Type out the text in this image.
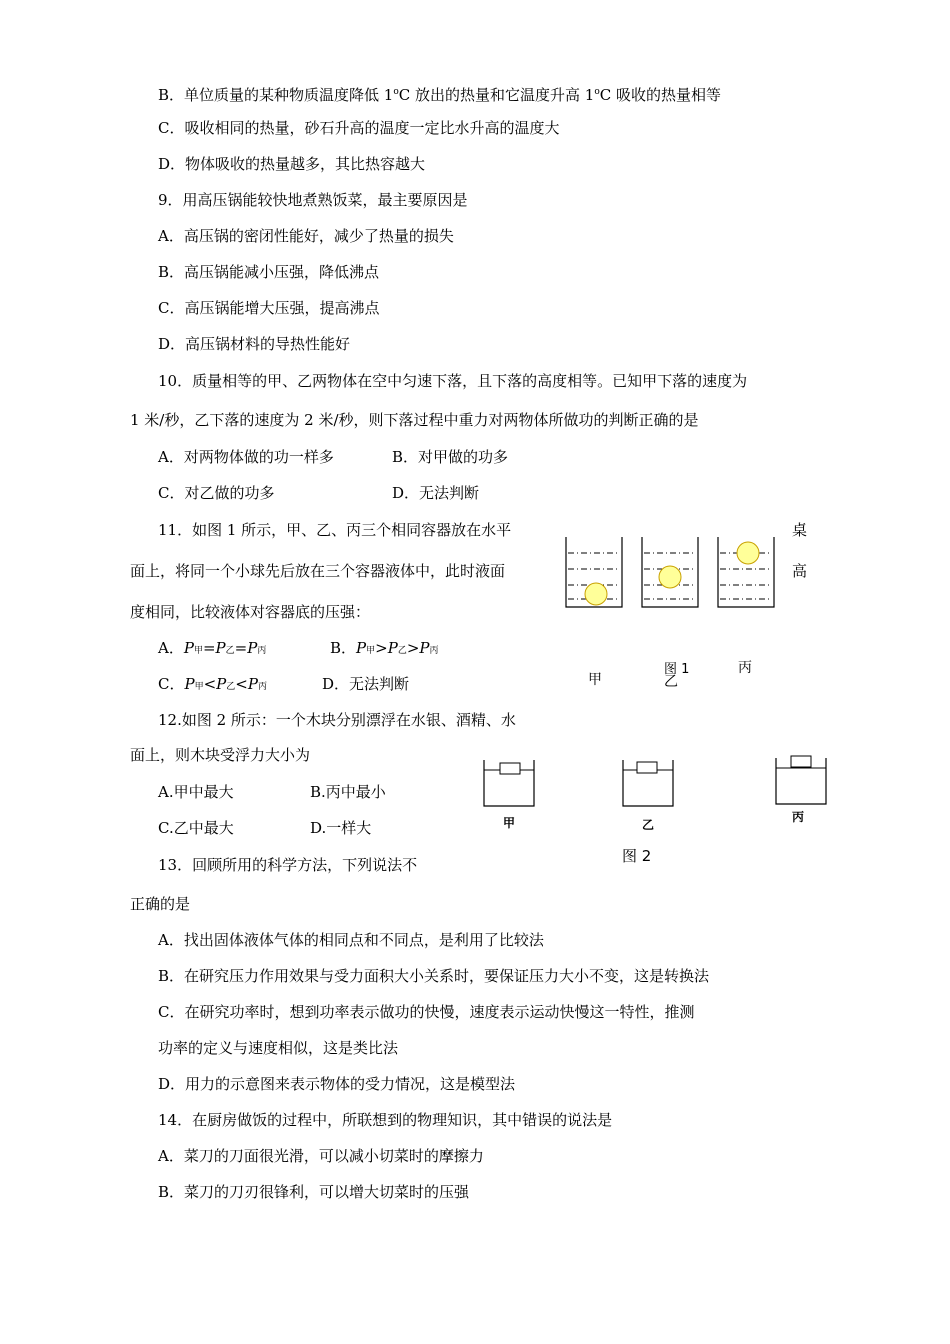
B．单位质量的某种物质温度降低 1$^o$C 放出的热量和它温度升高 1$^o$C 吸收的热量相等
C．吸收相同的热量，砂石升高的温度一定比水升高的温度大
D．物体吸收的热量越多，其比热容越大
9．用高压锅能较快地煮熟饭菜，最主要原因是
A．高压锅的密闭性能好，减少了热量的损失
B．高压锅能减小压强，降低沸点
C．高压锅能增大压强，提高沸点
D．高压锅材料的导热性能好
10．质量相等的甲、乙两物体在空中匀速下落，且下落的高度相等。已知甲下落的速度为
1 米/秒，乙下落的速度为 2 米/秒，则下落过程中重力对两物体所做功的判断正确的是
A．对两物体做的功一样多	B．对甲做的功多
C．对乙做的功多	D．无法判断
11．如图 1 所示，甲、乙、丙三个相同容器放在水平	桌
面上，将同一个小球先后放在三个容器液体中，此时液面	高
度相同，比较液体对容器底的压强：
A．P甲=P乙=P丙	B．P甲>P乙>P丙
C．P甲<P乙<P丙	D．无法判断
图 1
甲	乙
丙
12.如图 2 所示：一个木块分别漂浮在水银、酒精、水
面上，则木块受浮力大小为
A.甲中最大	B.丙中最小
C.乙中最大	D.一样大	甲	乙
丙
图 2
13．回顾所用的科学方法，下列说法不
正确的是
A．找出固体液体气体的相同点和不同点，是利用了比较法
B．在研究压力作用效果与受力面积大小关系时，要保证压力大小不变，这是转换法
C．在研究功率时，想到功率表示做功的快慢，速度表示运动快慢这一特性，推测
功率的定义与速度相似，这是类比法
D．用力的示意图来表示物体的受力情况，这是模型法
14．在厨房做饭的过程中，所联想到的物理知识，其中错误的说法是
A．菜刀的刀面很光滑，可以减小切菜时的摩擦力
B．菜刀的刀刃很锋利，可以增大切菜时的压强
